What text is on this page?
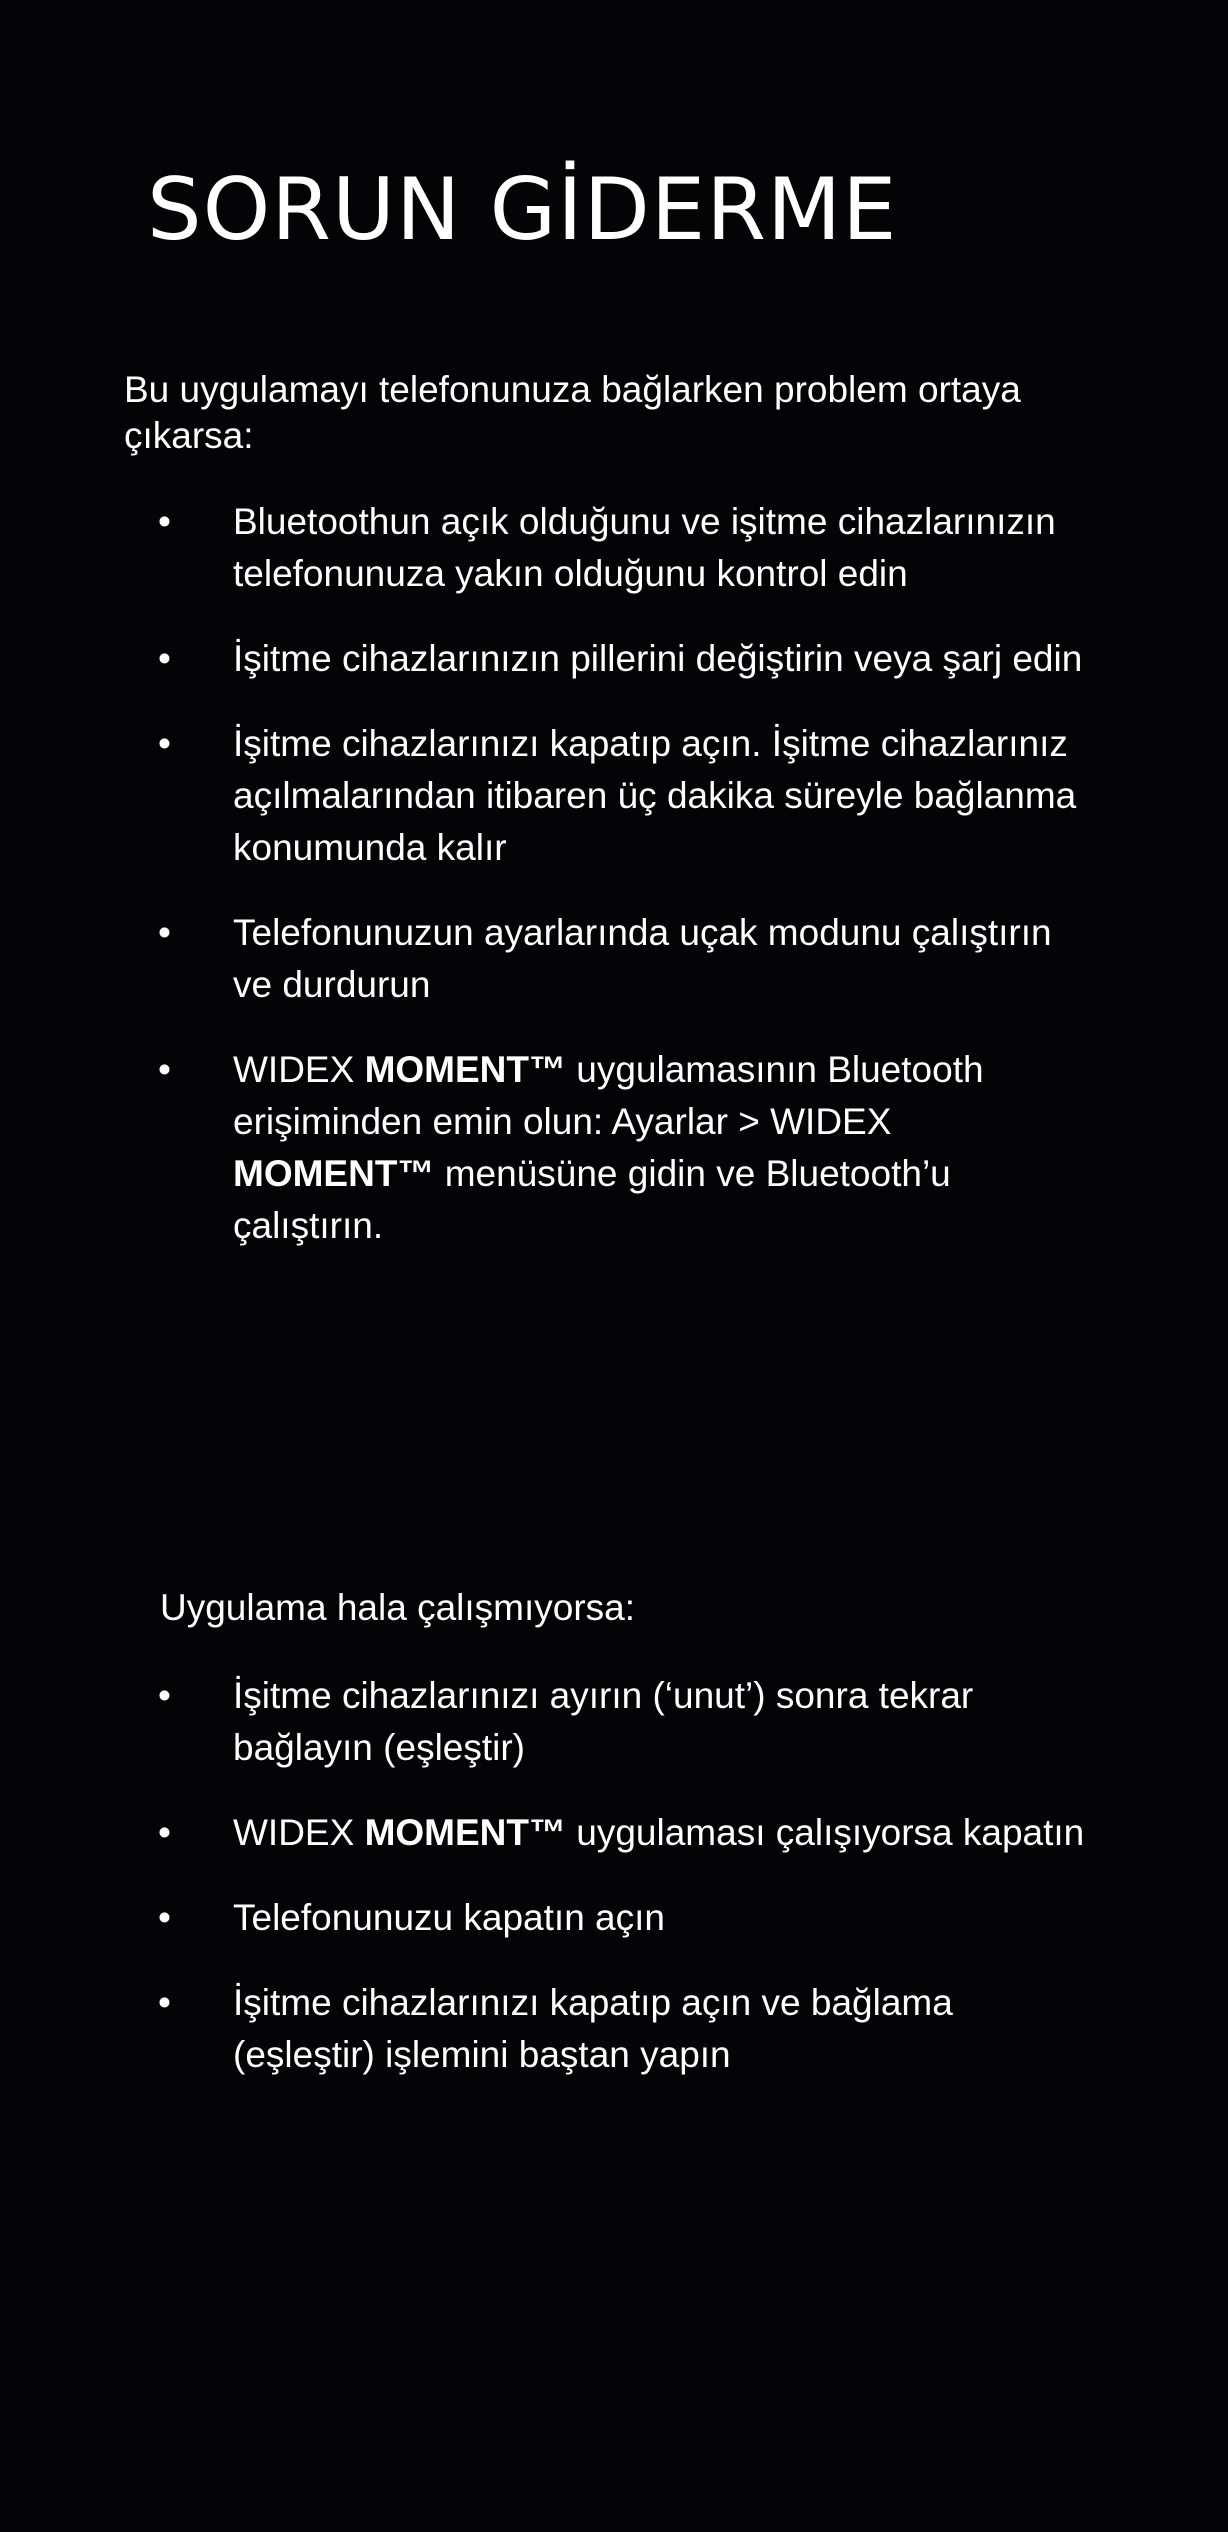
SORUN GİDERME

Bu uygulamayı telefonunuza bağlarken problem ortaya çıkarsa:

• Bluetoothun açık olduğunu ve işitme cihazlarınızın telefonunuza yakın olduğunu kontrol edin
• İşitme cihazlarınızın pillerini değiştirin veya şarj edin
• İşitme cihazlarınızı kapatıp açın. İşitme cihazlarınız açılmalarından itibaren üç dakika süreyle bağlanma konumunda kalır
• Telefonunuzun ayarlarında uçak modunu çalıştırın ve durdurun
• WIDEX MOMENT™ uygulamasının Bluetooth erişiminden emin olun: Ayarlar > WIDEX MOMENT™ menüsüne gidin ve Bluetooth’u çalıştırın.

Uygulama hala çalışmıyorsa:

• İşitme cihazlarınızı ayırın (‘unut’) sonra tekrar bağlayın (eşleştir)
• WIDEX MOMENT™ uygulaması çalışıyorsa kapatın
• Telefonunuzu kapatın açın
• İşitme cihazlarınızı kapatıp açın ve bağlama (eşleştir) işlemini baştan yapın
